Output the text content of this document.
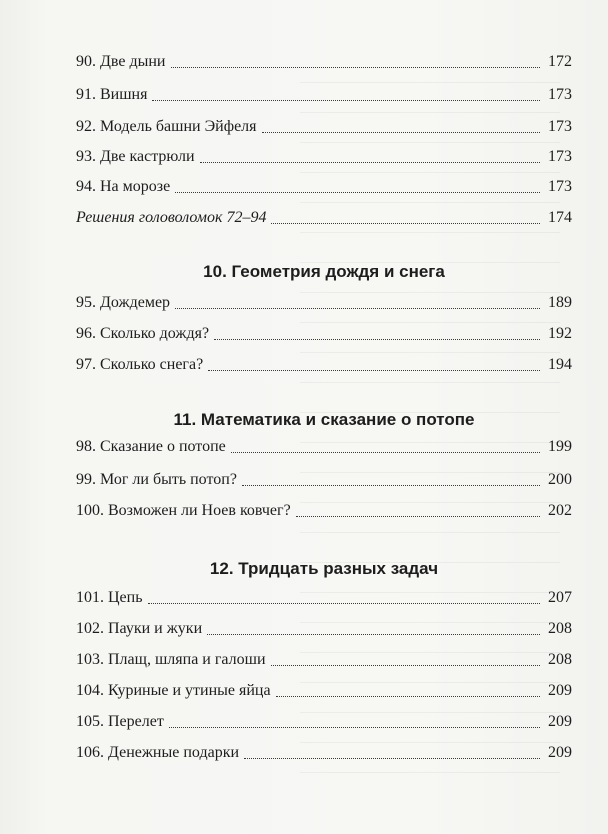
90. Две дыни	172
91. Вишня	173
92. Модель башни Эйфеля	173
93. Две кастрюли	173
94. На морозе	173
Решения головоломок 72–94	174
10. Геометрия дождя и снега
95. Дождемер	189
96. Сколько дождя?	192
97. Сколько снега?	194
11. Математика и сказание о потопе
98. Сказание о потопе	199
99. Мог ли быть потоп?	200
100. Возможен ли Ноев ковчег?	202
12. Тридцать разных задач
101. Цепь	207
102. Пауки и жуки	208
103. Плащ, шляпа и галоши	208
104. Куриные и утиные яйца	209
105. Перелет	209
106. Денежные подарки	209
